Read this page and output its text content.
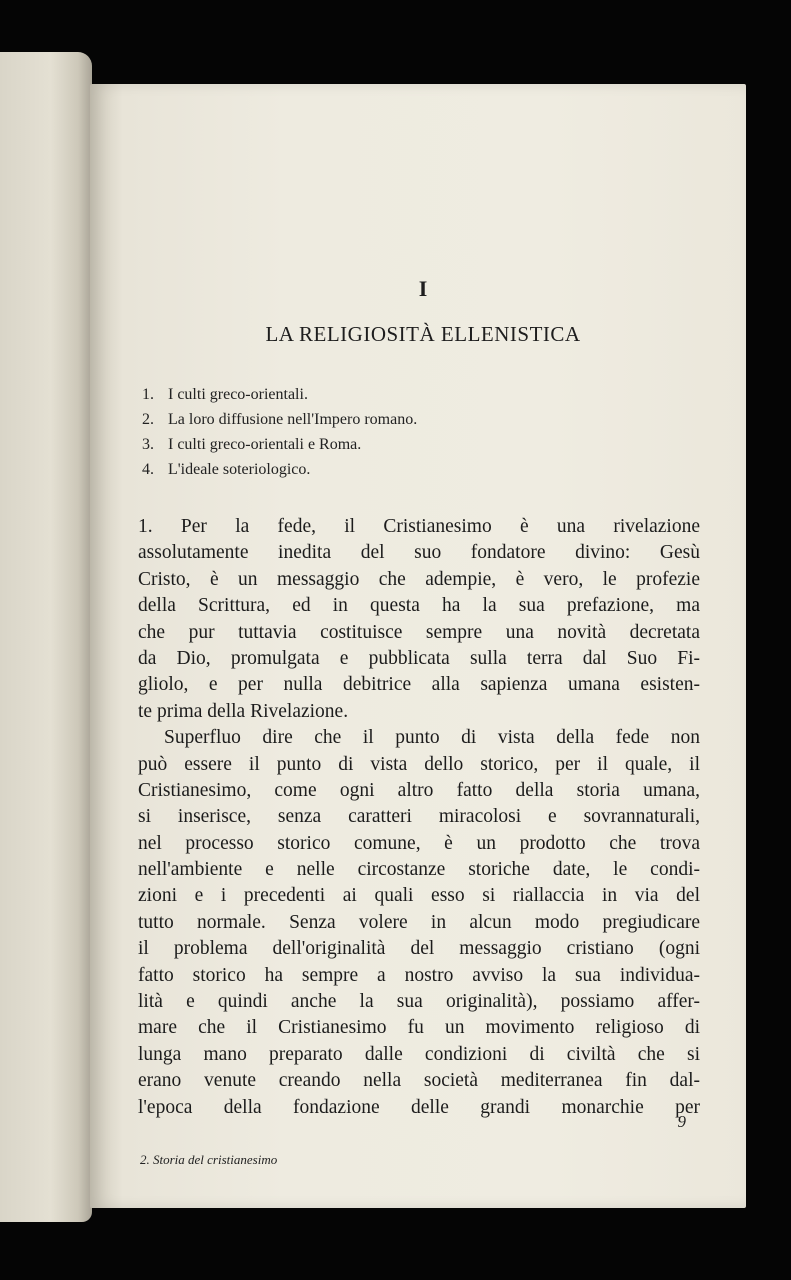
I
LA RELIGIOSITÀ ELLENISTICA
1. I culti greco-orientali.
2. La loro diffusione nell'Impero romano.
3. I culti greco-orientali e Roma.
4. L'ideale soteriologico.
1. Per la fede, il Cristianesimo è una rivelazione
assolutamente inedita del suo fondatore divino: Gesù
Cristo, è un messaggio che adempie, è vero, le profezie
della Scrittura, ed in questa ha la sua prefazione, ma
che pur tuttavia costituisce sempre una novità decretata
da Dio, promulgata e pubblicata sulla terra dal Suo Fi-
gliolo, e per nulla debitrice alla sapienza umana esisten-
te prima della Rivelazione.
Superfluo dire che il punto di vista della fede non
può essere il punto di vista dello storico, per il quale, il
Cristianesimo, come ogni altro fatto della storia umana,
si inserisce, senza caratteri miracolosi e sovrannaturali,
nel processo storico comune, è un prodotto che trova
nell'ambiente e nelle circostanze storiche date, le condi-
zioni e i precedenti ai quali esso si riallaccia in via del
tutto normale. Senza volere in alcun modo pregiudicare
il problema dell'originalità del messaggio cristiano (ogni
fatto storico ha sempre a nostro avviso la sua individua-
lità e quindi anche la sua originalità), possiamo affer-
mare che il Cristianesimo fu un movimento religioso di
lunga mano preparato dalle condizioni di civiltà che si
erano venute creando nella società mediterranea fin dal-
l'epoca della fondazione delle grandi monarchie per
9
2. Storia del cristianesimo
